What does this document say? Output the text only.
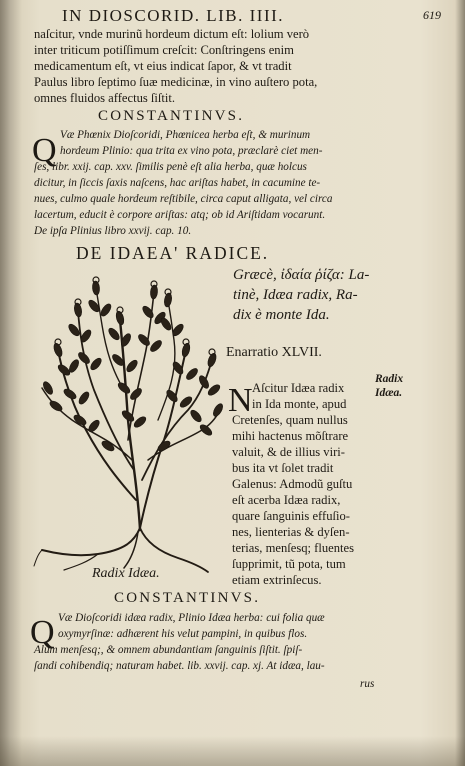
IN DIOSCORID. LIB. IIII.	619
naſcitur, vnde murinũ hordeum dictum eſt: lolium verò
inter triticum potiſſimum creſcit: Conſtringens enim
medicamentum eſt, vt eius indicat ſapor, & vt tradit
Paulus libro ſeptimo ſuæ medicinæ, in vino auſtero pota,
omnes fluidos affectus ſiſtit.
CONSTANTINVS.
Q Væ Phœnix Dioſcoridi, Phœnicea herba eſt, & murinum
hordeum Plinio: qua trita ex vino pota, præclarè ciet men-
ſes, libr. xxij. cap. xxv. ſimilis penè eſt alia herba, quæ holcus
dicitur, in ſiccis ſaxis naſcens, hac ariſtas habet, in cacumine te-
nues, culmo quale hordeum reſtibile, circa caput alligata, vel circa
lacertum, educit è corpore ariſtas: atq; ob id Ariſtidam vocarunt.
De ipſa Plinius libro xxvij. cap. 10.
DE IDAEA' RADICE.
Græcè, ἰδαία ῥίζα: La-
tinè, Idæa radix, Ra-
dix è monte Ida.
Enarratio XLVII.
N Aſcitur Idæa radix
in Ida monte, apud
Cretenſes, quam nullus
mihi hactenus mõſtrare
valuit, & de illius viri-
bus ita vt ſolet tradit
Galenus: Admodũ guſtu
eſt acerba Idæa radix,
quare ſanguinis effuſio-
nes, lienterias & dyſen-
terias, menſesq; fluentes
ſupprimit, tũ pota, tum
etiam extrinſecus.
Radix
Idæa.
Radix Idæa.
CONSTANTINVS.
Q Væ Dioſcoridi idæa radix, Plinio Idæa herba: cui folia quæ
oxymyrſinæ: adhærent his velut pampini, in quibus flos.
Alum menſesq;, & omnem abundantiam ſanguinis ſiſtit. ſpiſ-
ſandi cohibendiq; naturam habet. lib. xxvij. cap. xj. At idæa, lau-
rus
